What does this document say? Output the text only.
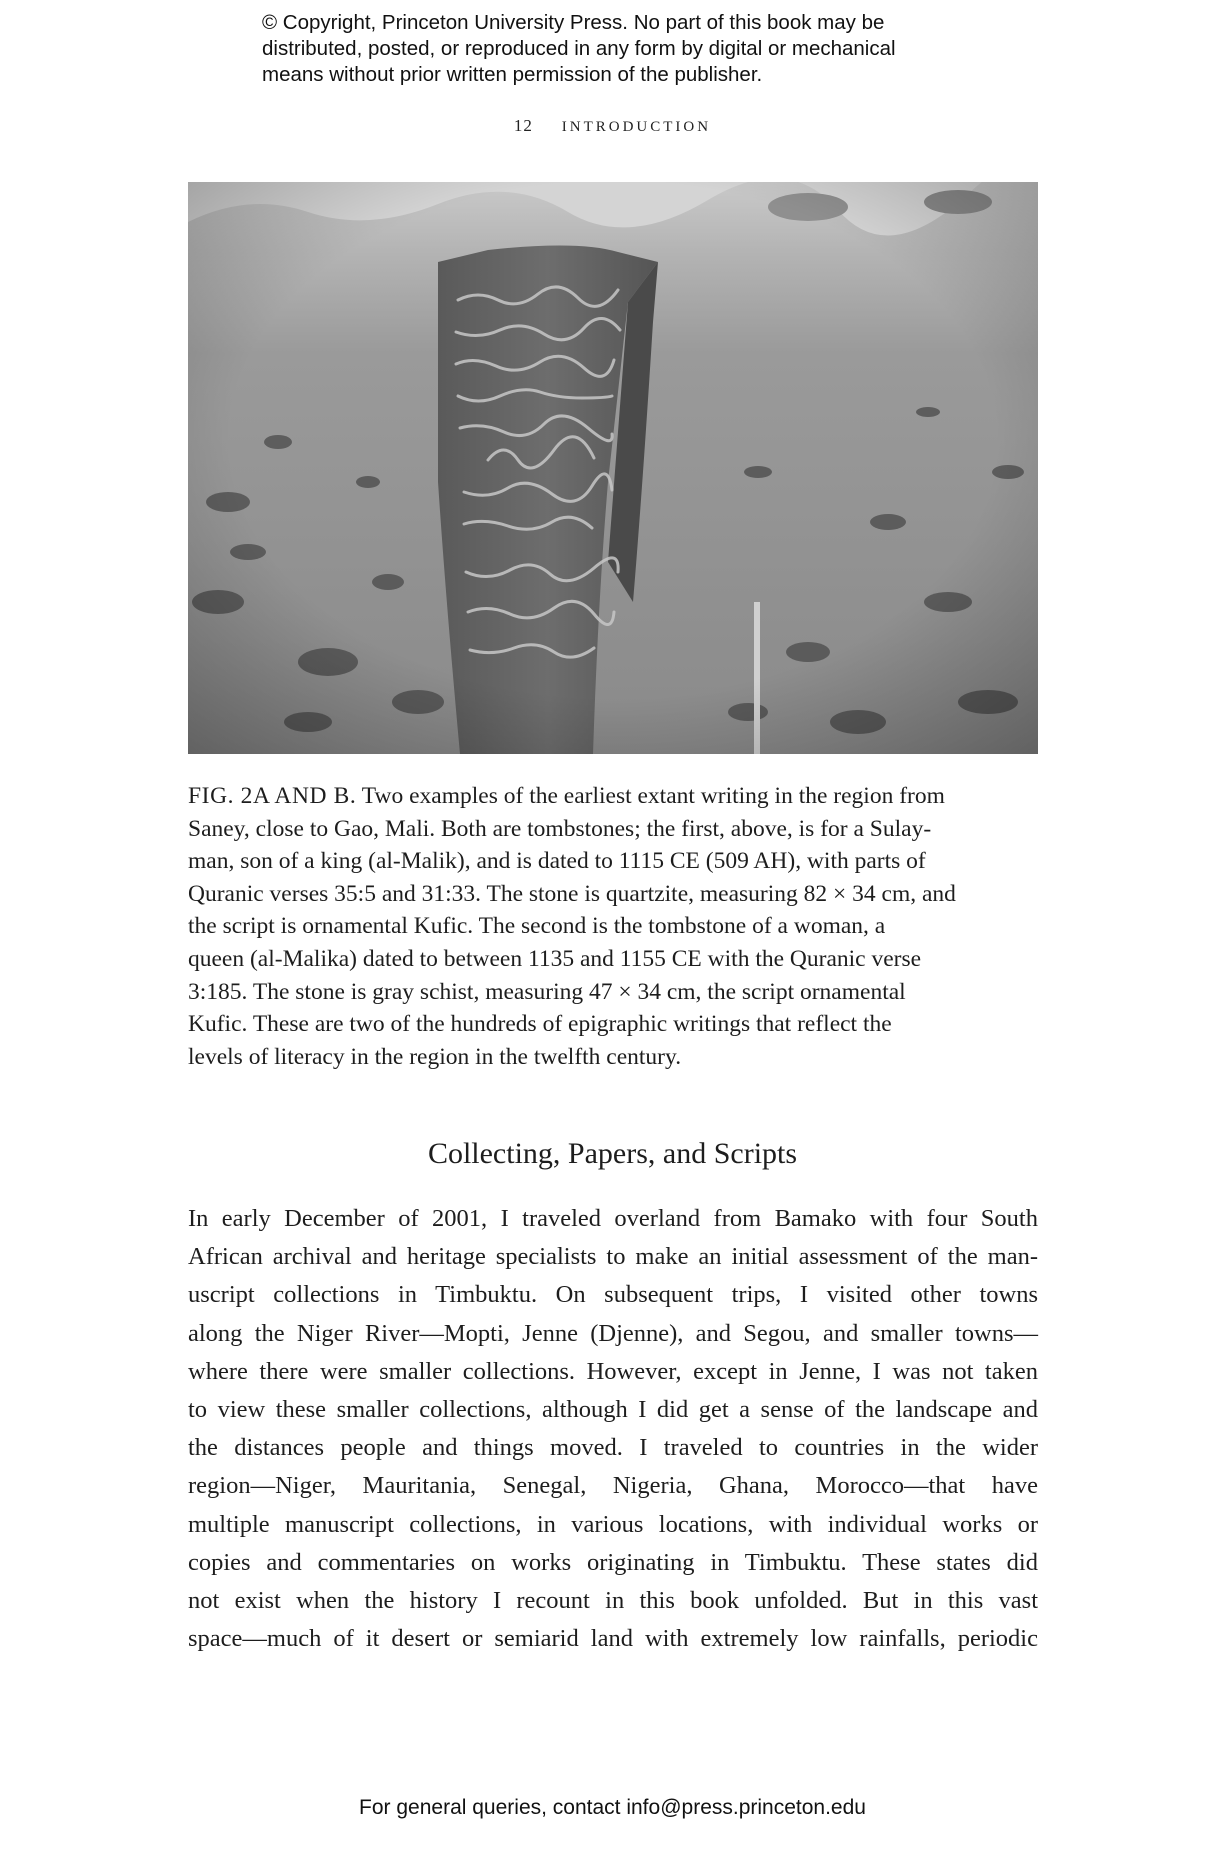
© Copyright, Princeton University Press. No part of this book may be
distributed, posted, or reproduced in any form by digital or mechanical
means without prior written permission of the publisher.
12 introduction
FIG. 2A AND B. Two examples of the earliest extant writing in the region from
Saney, close to Gao, Mali. Both are tombstones; the first, above, is for a Sulay-
man, son of a king (al-Malik), and is dated to 1115 CE (509 AH), with parts of
Quranic verses 35:5 and 31:33. The stone is quartzite, measuring 82 × 34 cm, and
the script is ornamental Kufic. The second is the tombstone of a woman, a
queen (al-Malika) dated to between 1135 and 1155 CE with the Quranic verse
3:185. The stone is gray schist, measuring 47 × 34 cm, the script ornamental
Kufic. These are two of the hundreds of epigraphic writings that reflect the
levels of literacy in the region in the twelfth century.
Collecting, Papers, and Scripts
In early December of 2001, I traveled overland from Bamako with four South
African archival and heritage specialists to make an initial assessment of the man-
uscript collections in Timbuktu. On subsequent trips, I visited other towns
along the Niger River—Mopti, Jenne (Djenne), and Segou, and smaller towns—
where there were smaller collections. However, except in Jenne, I was not taken
to view these smaller collections, although I did get a sense of the landscape and
the distances people and things moved. I traveled to countries in the wider
region—Niger, Mauritania, Senegal, Nigeria, Ghana, Morocco—that have
multiple manuscript collections, in various locations, with individual works or
copies and commentaries on works originating in Timbuktu. These states did
not exist when the history I recount in this book unfolded. But in this vast
space—much of it desert or semiarid land with extremely low rainfalls, periodic
For general queries, contact info@press.princeton.edu
